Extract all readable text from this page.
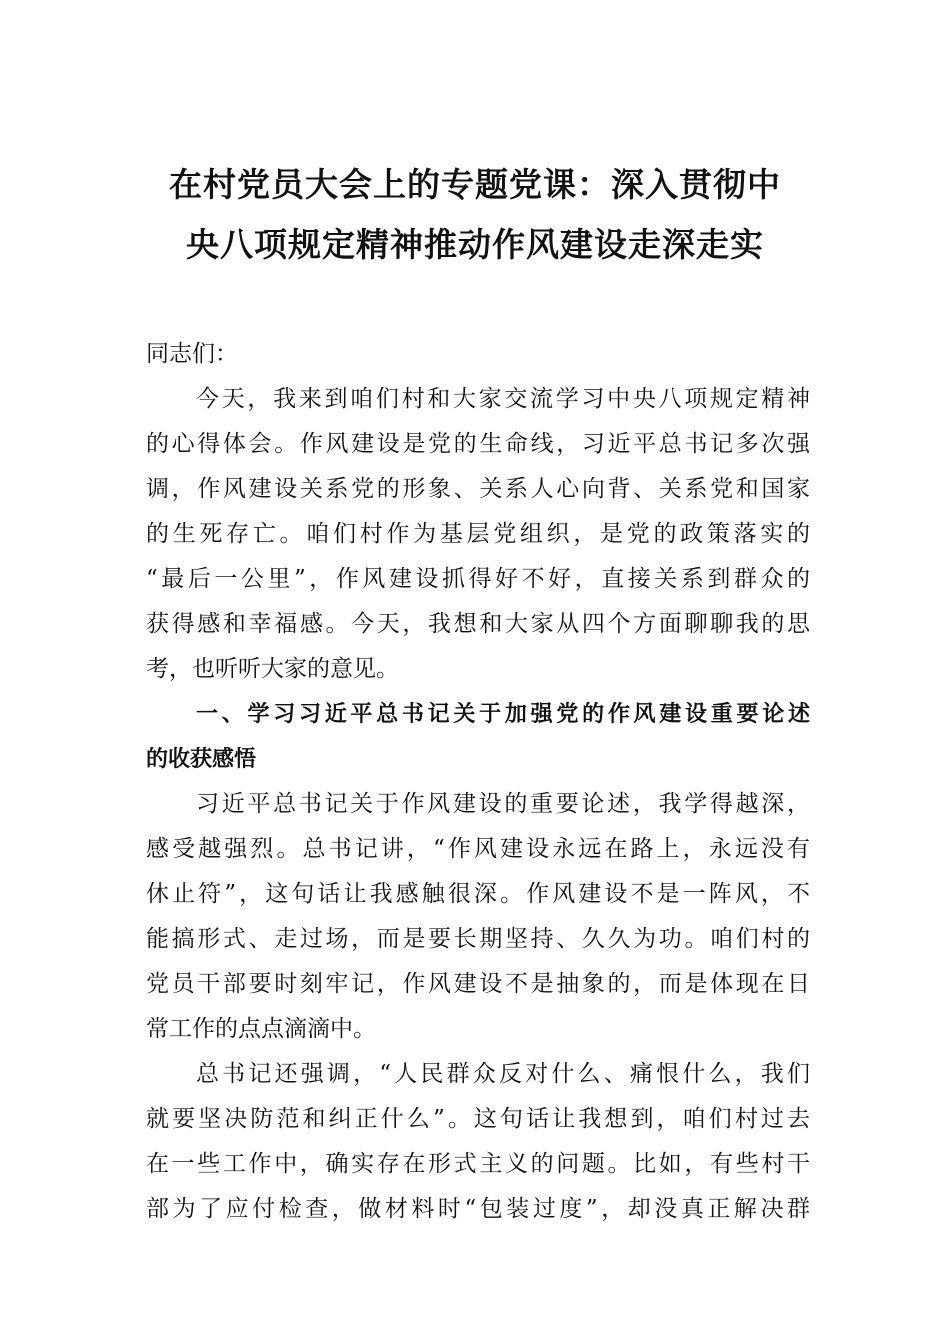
在村党员大会上的专题党课：深入贯彻中
央八项规定精神推动作风建设走深走实
同志们：
今天，我来到咱们村和大家交流学习中央八项规定精神
的心得体会。作风建设是党的生命线，习近平总书记多次强
调，作风建设关系党的形象、关系人心向背、关系党和国家
的生死存亡。咱们村作为基层党组织，是党的政策落实的
“最后一公里”，作风建设抓得好不好，直接关系到群众的
获得感和幸福感。今天，我想和大家从四个方面聊聊我的思
考，也听听大家的意见。
一、学习习近平总书记关于加强党的作风建设重要论述
的收获感悟
习近平总书记关于作风建设的重要论述，我学得越深，
感受越强烈。总书记讲，“作风建设永远在路上，永远没有
休止符”，这句话让我感触很深。作风建设不是一阵风，不
能搞形式、走过场，而是要长期坚持、久久为功。咱们村的
党员干部要时刻牢记，作风建设不是抽象的，而是体现在日
常工作的点点滴滴中。
总书记还强调，“人民群众反对什么、痛恨什么，我们
就要坚决防范和纠正什么”。这句话让我想到，咱们村过去
在一些工作中，确实存在形式主义的问题。比如，有些村干
部为了应付检查，做材料时“包装过度”，却没真正解决群
